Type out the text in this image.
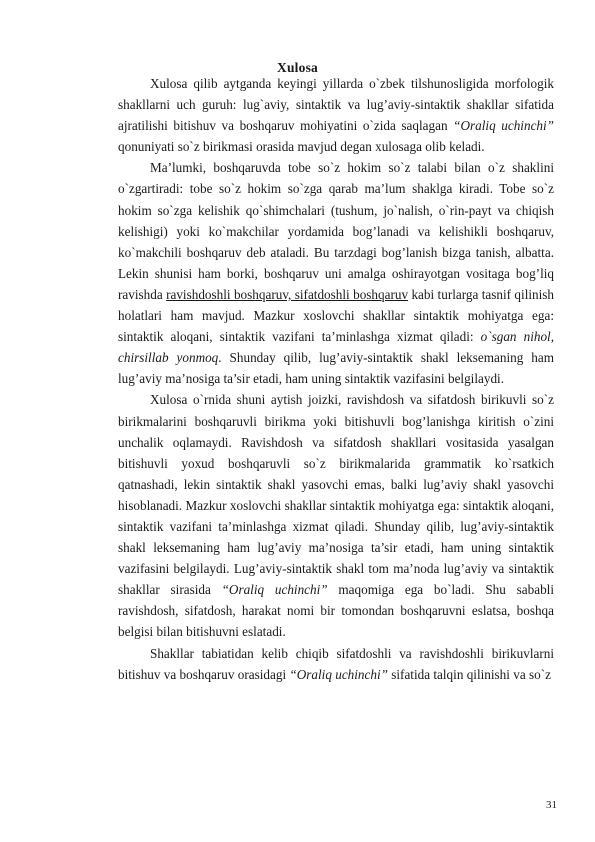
Xulosa

Xulosa qilib aytganda keyingi yillarda o`zbek tilshunosligida morfologik shakllarni uch guruh: lug`aviy, sintaktik va lug’aviy-sintaktik shakllar sifatida ajratilishi bitishuv va boshqaruv mohiyatini o`zida saqlagan “Oraliq uchinchi” qonuniyati so`z birikmasi orasida mavjud degan xulosaga olib keladi.

Ma’lumki, boshqaruvda tobe so`z hokim so`z talabi bilan o`z shaklini o`zgartiradi: tobe so`z hokim so`zga qarab ma’lum shaklga kiradi. Tobe so`z hokim so`zga kelishik qo`shimchalari (tushum, jo`nalish, o`rin-payt va chiqish kelishigi) yoki ko`makchilar yordamida bog’lanadi va kelishikli boshqaruv, ko`makchili boshqaruv deb ataladi. Bu tarzdagi bog’lanish bizga tanish, albatta. Lekin shunisi ham borki, boshqaruv uni amalga oshirayotgan vositaga bog’liq ravishda ravishdoshli boshqaruv, sifatdoshli boshqaruv kabi turlarga tasnif qilinish holatlari ham mavjud. Mazkur xoslovchi shakllar sintaktik mohiyatga ega: sintaktik aloqani, sintaktik vazifani ta’minlashga xizmat qiladi: o`sgan nihol, chirsillab yonmoq. Shunday qilib, lug’aviy-sintaktik shakl leksemaning ham lug’aviy ma’nosiga ta’sir etadi, ham uning sintaktik vazifasini belgilaydi.

Xulosa o`rnida shuni aytish joizki, ravishdosh va sifatdosh birikuvli so`z birikmalarini boshqaruvli birikma yoki bitishuvli bog’lanishga kiritish o`zini unchalik oqlamaydi. Ravishdosh va sifatdosh shakllari vositasida yasalgan bitishuvli yoxud boshqaruvli so`z birikmalarida grammatik ko`rsatkich qatnashadi, lekin sintaktik shakl yasovchi emas, balki lug’aviy shakl yasovchi hisoblanadi. Mazkur xoslovchi shakllar sintaktik mohiyatga ega: sintaktik aloqani, sintaktik vazifani ta’minlashga xizmat qiladi. Shunday qilib, lug’aviy-sintaktik shakl leksemaning ham lug’aviy ma’nosiga ta’sir etadi, ham uning sintaktik vazifasini belgilaydi. Lug’aviy-sintaktik shakl tom ma’noda lug’aviy va sintaktik shakllar sirasida “Oraliq uchinchi” maqomiga ega bo`ladi. Shu sababli ravishdosh, sifatdosh, harakat nomi bir tomondan boshqaruvni eslatsa, boshqa belgisi bilan bitishuvni eslatadi.

Shakllar tabiatidan kelib chiqib sifatdoshli va ravishdoshli birikuvlarni bitishuv va boshqaruv orasidagi “Oraliq uchinchi” sifatida talqin qilinishi va so`z

31
